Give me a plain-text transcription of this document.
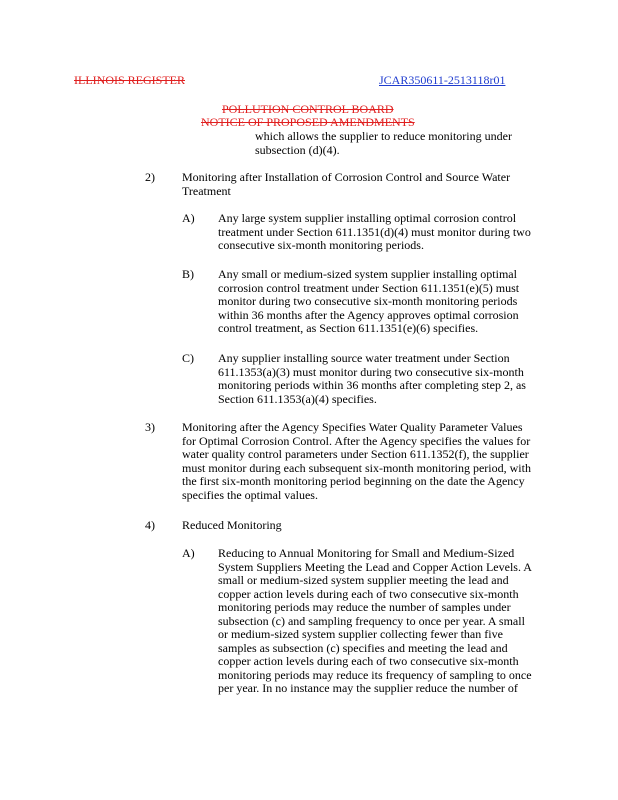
ILLINOIS REGISTER	JCAR350611-2513118r01
POLLUTION CONTROL BOARD
NOTICE OF PROPOSED AMENDMENTS

which allows the supplier to reduce monitoring under

subsection (d)(4).

2) Monitoring after Installation of Corrosion Control and Source Water

Treatment

A) Any large system supplier installing optimal corrosion control

treatment under Section 611.1351(d)(4) must monitor during two

consecutive six-month monitoring periods.

B) Any small or medium-sized system supplier installing optimal

corrosion control treatment under Section 611.1351(e)(5) must

monitor during two consecutive six-month monitoring periods

within 36 months after the Agency approves optimal corrosion

control treatment, as Section 611.1351(e)(6) specifies.

C) Any supplier installing source water treatment under Section

611.1353(a)(3) must monitor during two consecutive six-month

monitoring periods within 36 months after completing step 2, as

Section 611.1353(a)(4) specifies.

3) Monitoring after the Agency Specifies Water Quality Parameter Values

for Optimal Corrosion Control. After the Agency specifies the values for

water quality control parameters under Section 611.1352(f), the supplier

must monitor during each subsequent six-month monitoring period, with

the first six-month monitoring period beginning on the date the Agency

specifies the optimal values.

4) Reduced Monitoring
A) Reducing to Annual Monitoring for Small and Medium-Sized

System Suppliers Meeting the Lead and Copper Action Levels. A

small or medium-sized system supplier meeting the lead and

copper action levels during each of two consecutive six-month

monitoring periods may reduce the number of samples under

subsection (c) and sampling frequency to once per year. A small

or medium-sized system supplier collecting fewer than five

samples as subsection (c) specifies and meeting the lead and

copper action levels during each of two consecutive six-month

monitoring periods may reduce its frequency of sampling to once

per year. In no instance may the supplier reduce the number of
